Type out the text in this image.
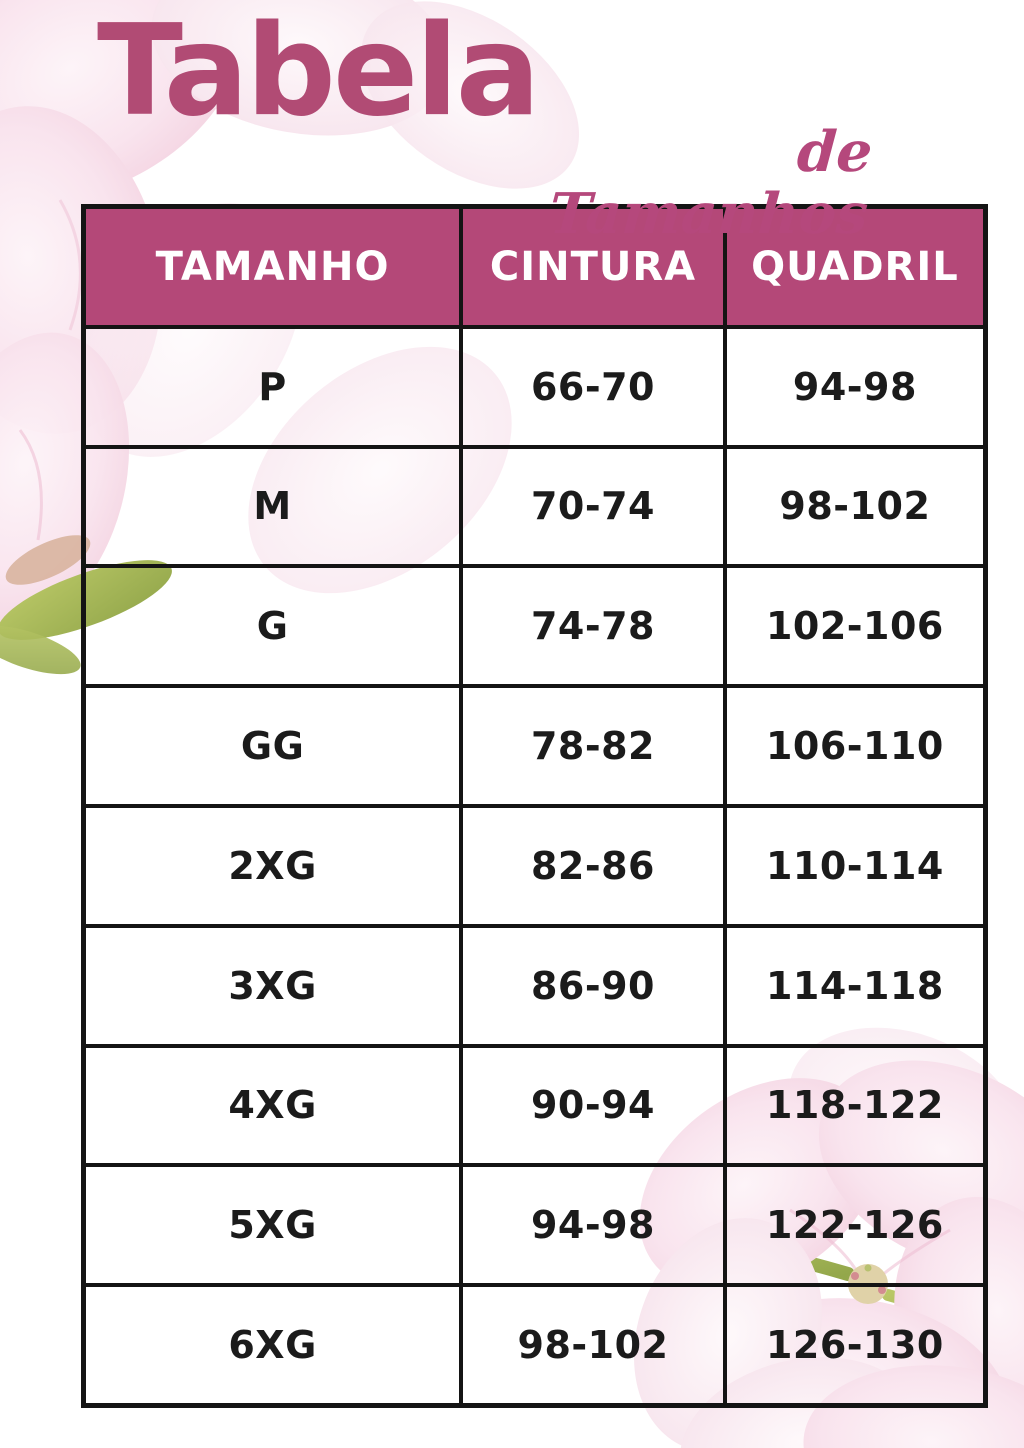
Tabela
de Tamanhos
TAMANHO	CINTURA	QUADRIL
P	66-70	94-98
M	70-74	98-102
G	74-78	102-106
GG	78-82	106-110
2XG	82-86	110-114
3XG	86-90	114-118
4XG	90-94	118-122
5XG	94-98	122-126
6XG	98-102	126-130
